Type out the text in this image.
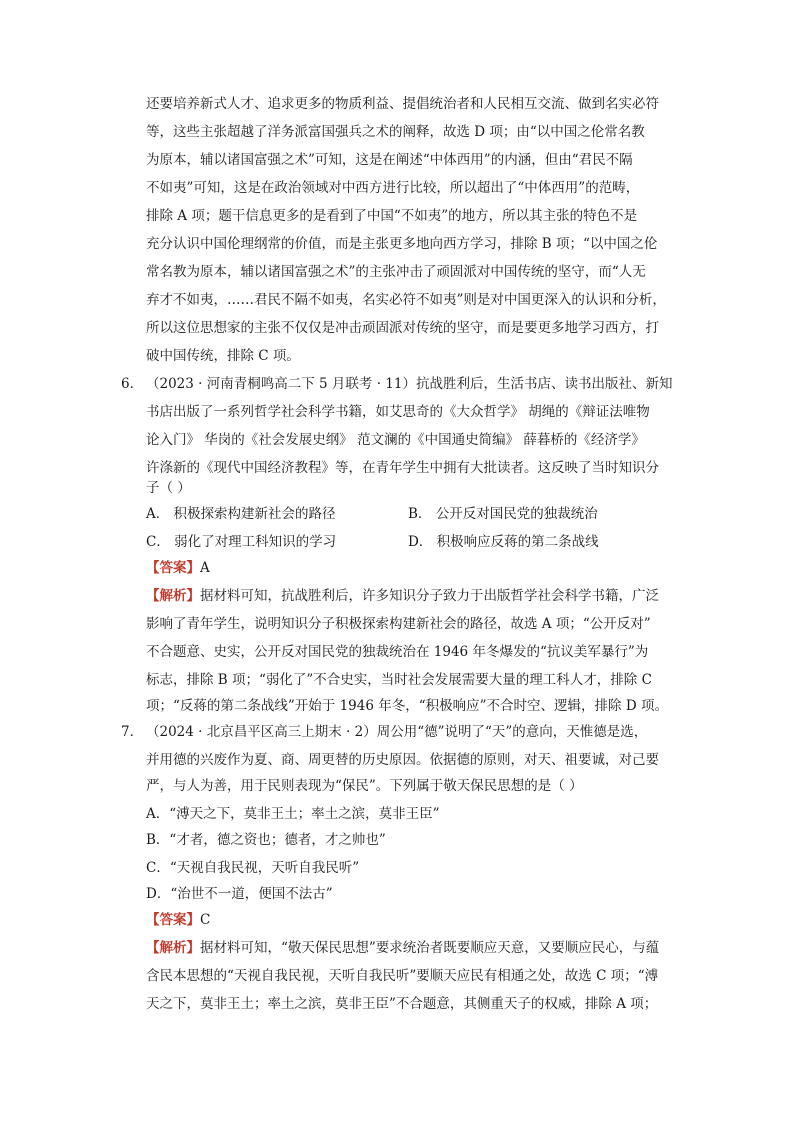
还要培养新式人才、追求更多的物质利益、提倡统治者和人民相互交流、做到名实必符
等，这些主张超越了洋务派富国强兵之术的阐释，故选 D 项；由“以中国之伦常名教
为原本，辅以诸国富强之术”可知，这是在阐述“中体西用”的内涵，但由“君民不隔
不如夷”可知，这是在政治领域对中西方进行比较，所以超出了“中体西用”的范畴，
排除 A 项；题干信息更多的是看到了中国“不如夷”的地方，所以其主张的特色不是
充分认识中国伦理纲常的价值，而是主张更多地向西方学习，排除 B 项；“以中国之伦
常名教为原本，辅以诸国富强之术”的主张冲击了顽固派对中国传统的坚守，而“人无
弃才不如夷，……君民不隔不如夷，名实必符不如夷”则是对中国更深入的认识和分析，
所以这位思想家的主张不仅仅是冲击顽固派对传统的坚守，而是要更多地学习西方，打
破中国传统，排除 C 项。
6． （2023 · 河南青桐鸣高二下 5 月联考 · 11）抗战胜利后，生活书店、读书出版社、新知
书店出版了一系列哲学社会科学书籍，如艾思奇的《大众哲学》 胡绳的《辩证法唯物
论入门》 华岗的《社会发展史纲》 范文澜的《中国通史简编》 薛暮桥的《经济学》
许涤新的《现代中国经济教程》等，在青年学生中拥有大批读者。这反映了当时知识分
子（ ）
A． 积极探索构建新社会的路径	B． 公开反对国民党的独裁统治
C． 弱化了对理工科知识的学习	D． 积极响应反蒋的第二条战线
【答案】A
【解析】据材料可知，抗战胜利后，许多知识分子致力于出版哲学社会科学书籍，广泛
影响了青年学生，说明知识分子积极探索构建新社会的路径，故选 A 项；“公开反对”
不合题意、史实，公开反对国民党的独裁统治在 1946 年冬爆发的“抗议美军暴行”为
标志，排除 B 项；“弱化了”不合史实，当时社会发展需要大量的理工科人才，排除 C
项；“反蒋的第二条战线”开始于 1946 年冬，“积极响应”不合时空、逻辑，排除 D 项。
7． （2024 · 北京昌平区高三上期末 · 2）周公用“德”说明了“天”的意向，天惟德是选，
并用德的兴废作为夏、商、周更替的历史原因。依据德的原则，对天、祖要诚，对己要
严，与人为善，用于民则表现为“保民”。下列属于敬天保民思想的是（ ）
A．“溥天之下，莫非王土；率土之滨，莫非王臣”
B．“才者，德之资也；德者，才之帅也”
C．“天视自我民视，天听自我民听”
D．“治世不一道，便国不法古”
【答案】C
【解析】据材料可知，“敬天保民思想”要求统治者既要顺应天意，又要顺应民心，与蕴
含民本思想的“天视自我民视，天听自我民听”要顺天应民有相通之处，故选 C 项；“溥
天之下，莫非王土；率土之滨，莫非王臣”不合题意，其侧重天子的权威，排除 A 项；
